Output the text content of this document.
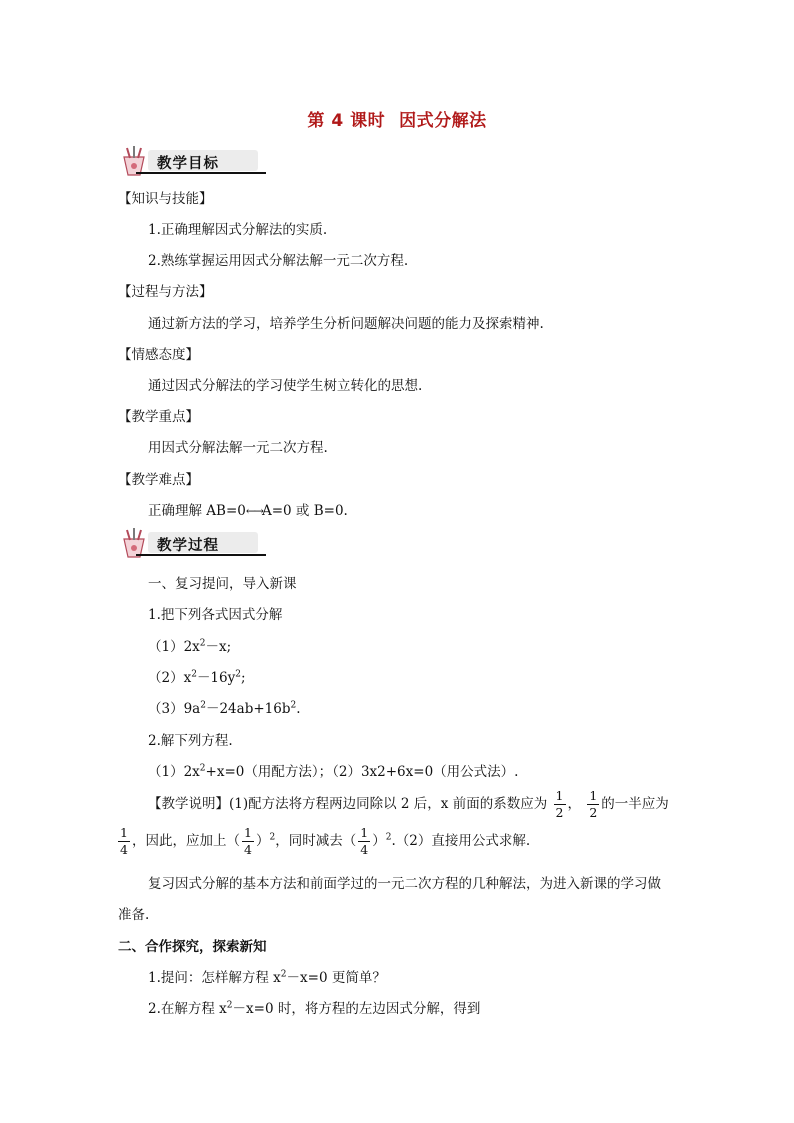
第 4 课时 因式分解法
教学目标
【知识与技能】
1.正确理解因式分解法的实质.
2.熟练掌握运用因式分解法解一元二次方程.
【过程与方法】
通过新方法的学习，培养学生分析问题解决问题的能力及探索精神.
【情感态度】
通过因式分解法的学习使学生树立转化的思想.
【教学重点】
用因式分解法解一元二次方程.
【教学难点】
正确理解 AB=0←→A=0 或 B=0.
教学过程
一、复习提问，导入新课
1.把下列各式因式分解
$(1)2x^2-x$;
$(2)x^2-16y^2$;
$(3)9a^2-24ab+16b^2$.
2.解下列方程.
$(1)2x^2+x=0$（用配方法）；（2）3x2+6x=0（用公式法）.
【教学说明】(1)配方法将方程两边同除以 2 后，x 前面的系数应为 $\frac{1}{2}$ ， $\frac{1}{2}$ 的一半应为
$\frac{1}{4}$ ，因此，应加上（ $\frac{1}{4} )^2$，同时减去（ $\frac{1}{4} )^2.(2)$直接用公式求解.
复习因式分解的基本方法和前面学过的一元二次方程的几种解法，为进入新课的学习做
准备.
二、合作探究，探索新知
1.提问：怎样解方程 $x^2-x=0$ 更简单？
2.在解方程 $x^2-x=0$ 时，将方程的左边因式分解，得到
